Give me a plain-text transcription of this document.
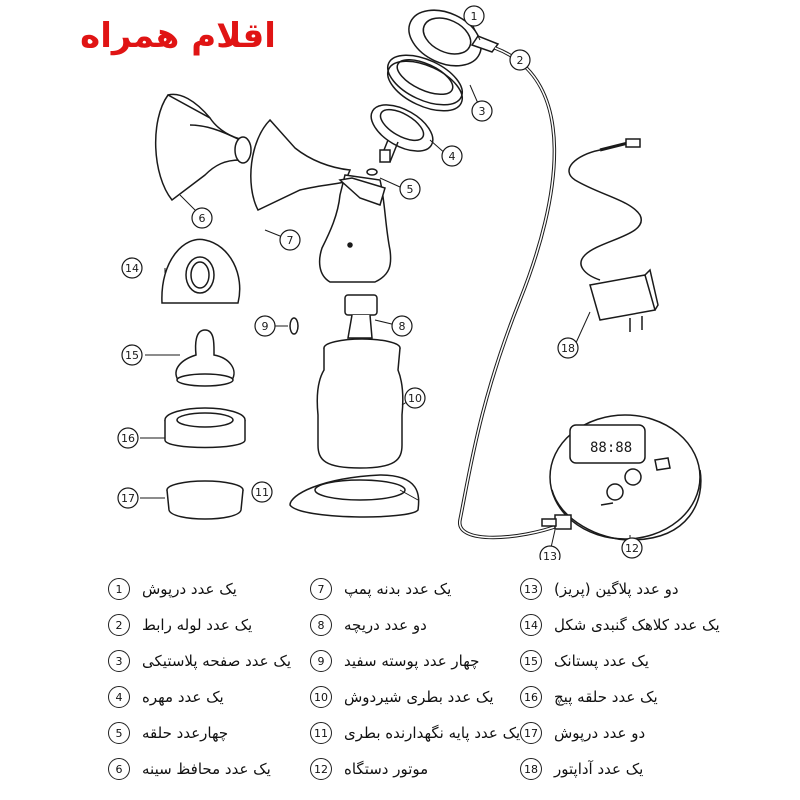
اقلام همراه
88:88
1
2
3
4
5
6
7
8
9
10
11
12
13
14
15
16
17
18
1	یک عدد درپوش
2	یک عدد لوله رابط
3	یک عدد صفحه پلاستیکی
4	یک عدد مهره
5	چهارعدد حلقه
6	یک عدد محافظ سینه
7	یک عدد بدنه پمپ
8	دو عدد دریچه
9	چهار عدد پوسته سفید
10 یک عدد بطری شیردوش
11 یک عدد پایه نگهدارنده بطری
12 موتور دستگاه
13 دو عدد پلاگین (پریز)
14 یک عدد کلاهک گنبدی شکل
15 یک عدد پستانک
16 یک عدد حلقه پیچ
17 دو عدد درپوش
18 یک عدد آداپتور
